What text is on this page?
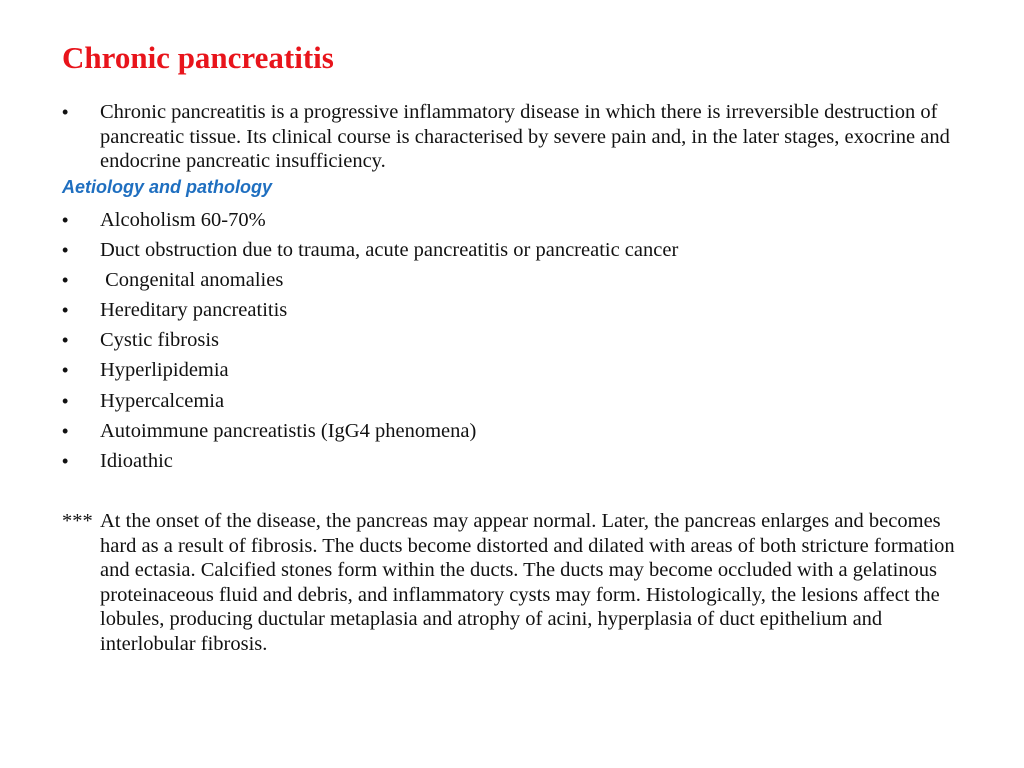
Chronic pancreatitis
•	Chronic pancreatitis is a progressive inflammatory disease in which there is irreversible destruction of pancreatic tissue. Its clinical course is characterised by severe pain and, in the later stages, exocrine and endocrine pancreatic insufficiency.
Aetiology and pathology
•	Alcoholism 60-70%
•	Duct obstruction due to trauma, acute pancreatitis or pancreatic cancer
•	Congenital anomalies
•	Hereditary pancreatitis
•	Cystic fibrosis
•	Hyperlipidemia
•	Hypercalcemia
•	Autoimmune pancreatistis (IgG4 phenomena)
•	Idioathic
*** At the onset of the disease, the pancreas may appear normal. Later, the pancreas enlarges and becomes hard as a result of fibrosis. The ducts become distorted and dilated with areas of both stricture formation and ectasia. Calcified stones form within the ducts. The ducts may become occluded with a gelatinous proteinaceous fluid and debris, and inflammatory cysts may form. Histologically, the lesions affect the lobules, producing ductular metaplasia and atrophy of acini, hyperplasia of duct epithelium and interlobular fibrosis.
